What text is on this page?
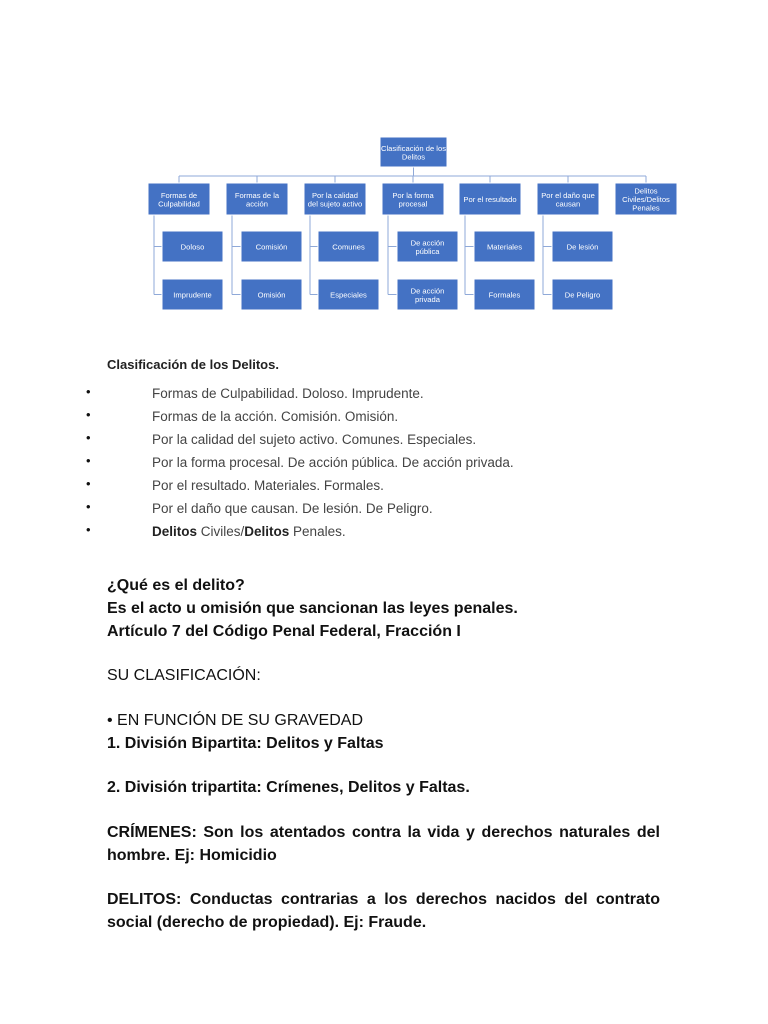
Clasificación de los Delitos
Formas de Culpabilidad
Doloso
Imprudente
Formas de la acción
Comisión
Omisión
Por la calidad del sujeto activo
Comunes
Especiales
Por la forma procesal
De acción pública
De acción privada
Por el resultado
Materiales
Formales
Por el daño que causan
De lesión
De Peligro
Delitos Civiles/Delitos Penales
Clasificación de los Delitos.
•	Formas de Culpabilidad. Doloso. Imprudente.
•	Formas de la acción. Comisión. Omisión.
•	Por la calidad del sujeto activo. Comunes. Especiales.
•	Por la forma procesal. De acción pública. De acción privada.
•	Por el resultado. Materiales. Formales.
•	Por el daño que causan. De lesión. De Peligro.
•	Delitos Civiles/Delitos Penales.

¿Qué es el delito?

Es el acto u omisión que sancionan las leyes penales.

Artículo 7 del Código Penal Federal, Fracción I

SU CLASIFICACIÓN:

• EN FUNCIÓN DE SU GRAVEDAD

1. División Bipartita: Delitos y Faltas

2. División tripartita: Crímenes, Delitos y Faltas.
CRÍMENES: Son los atentados contra la vida y derechos naturales del hombre. Ej: Homicidio
DELITOS: Conductas contrarias a los derechos nacidos del contrato social (derecho de propiedad). Ej: Fraude.
